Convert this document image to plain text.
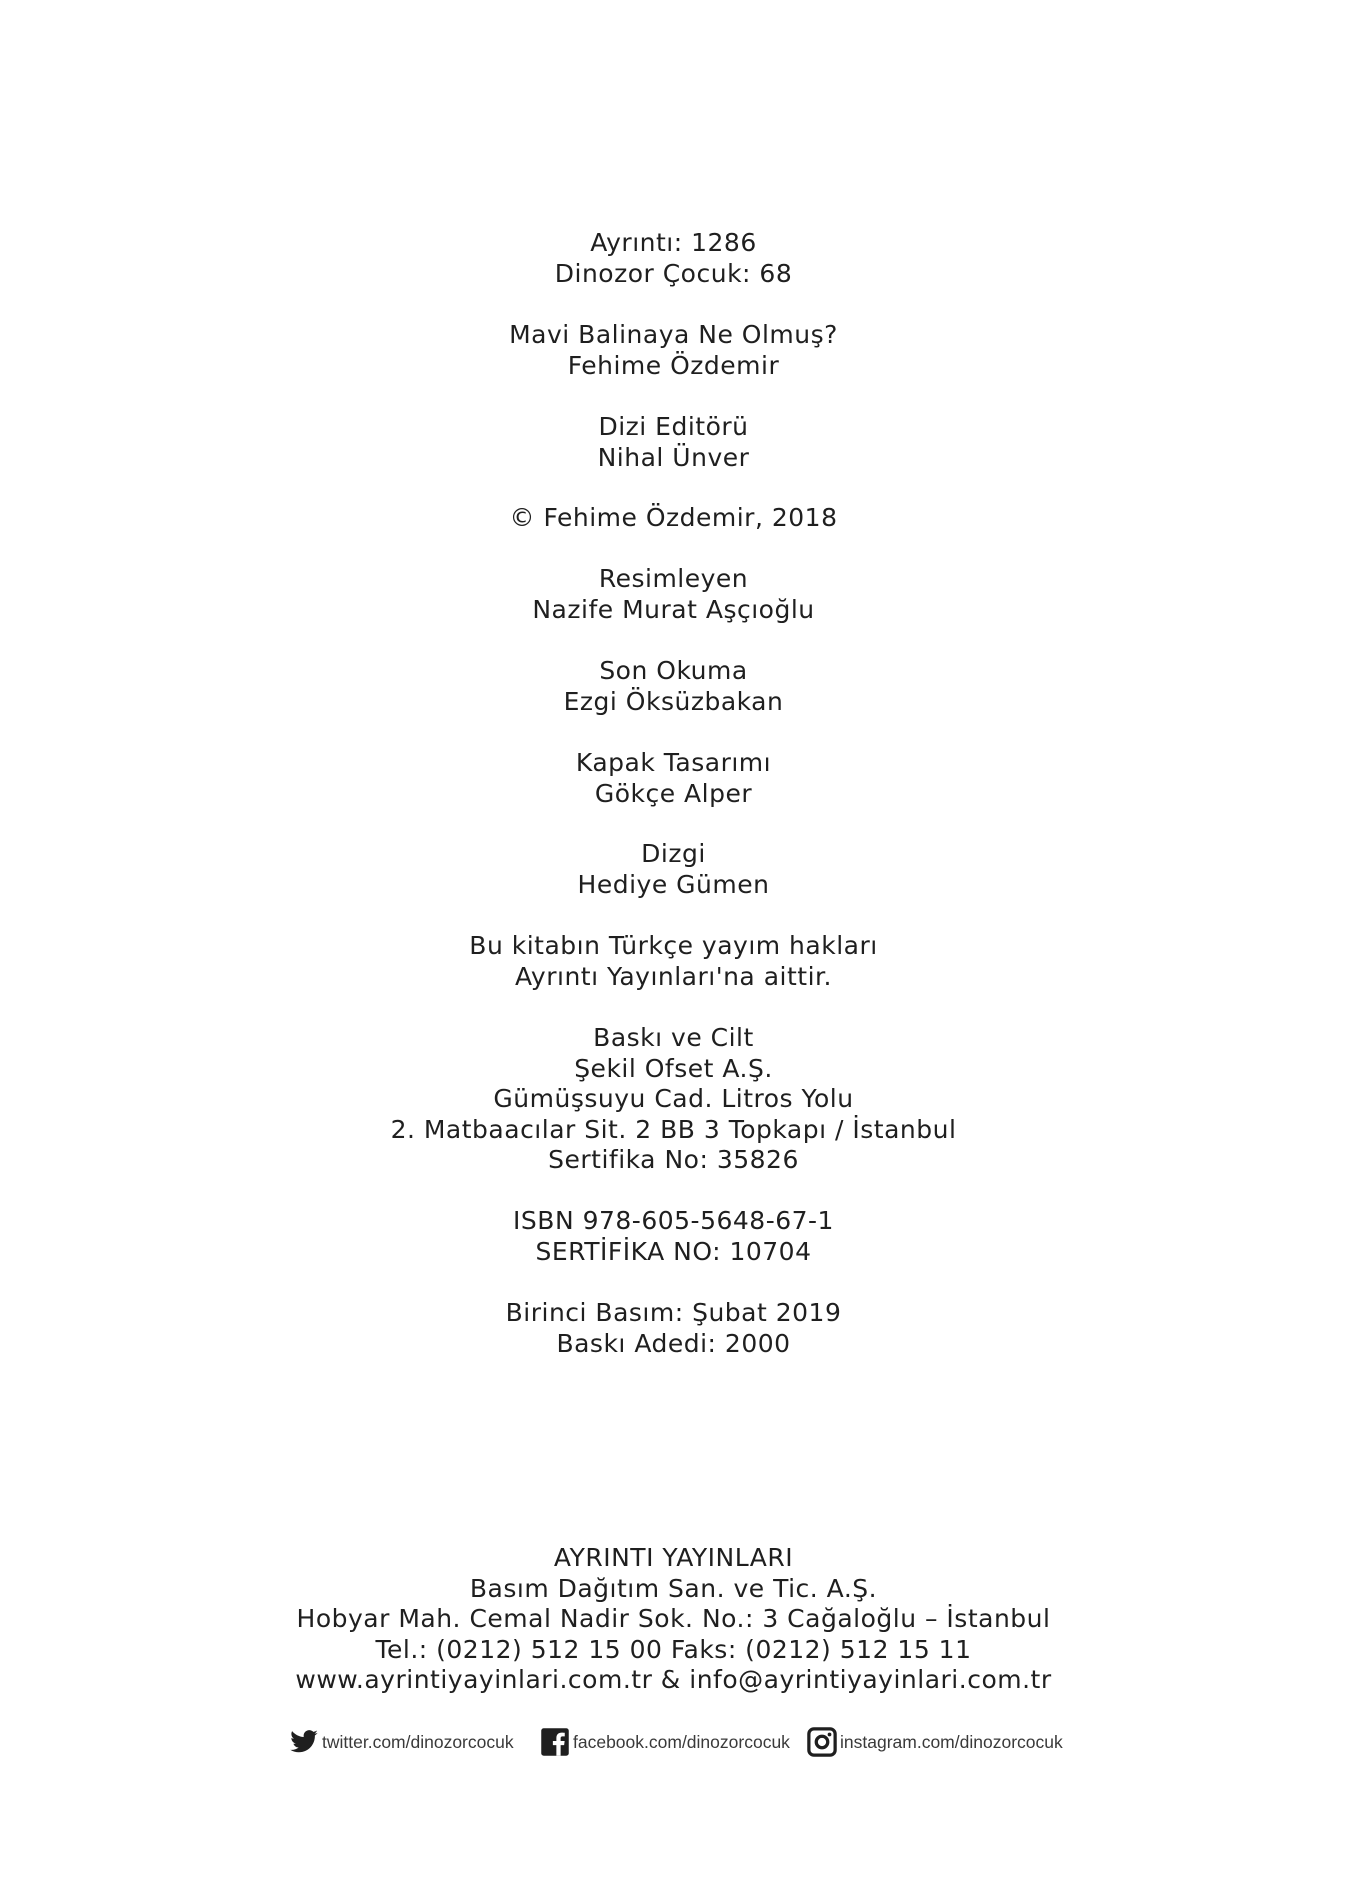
Ayrıntı: 1286
Dinozor Çocuk: 68
Mavi Balinaya Ne Olmuş?
Fehime Özdemir
Dizi Editörü
Nihal Ünver
© Fehime Özdemir, 2018
Resimleyen
Nazife Murat Aşçıoğlu
Son Okuma
Ezgi Öksüzbakan
Kapak Tasarımı
Gökçe Alper
Dizgi
Hediye Gümen
Bu kitabın Türkçe yayım hakları
Ayrıntı Yayınları'na aittir.
Baskı ve Cilt
Şekil Ofset A.Ş.
Gümüşsuyu Cad. Litros Yolu
2. Matbaacılar Sit. 2 BB 3 Topkapı / İstanbul
Sertifika No: 35826
ISBN 978-605-5648-67-1
SERTİFİKA NO: 10704
Birinci Basım: Şubat 2019
Baskı Adedi: 2000
AYRINTI YAYINLARI
Basım Dağıtım San. ve Tic. A.Ş.
Hobyar Mah. Cemal Nadir Sok. No.: 3 Cağaloğlu – İstanbul
Tel.: (0212) 512 15 00 Faks: (0212) 512 15 11
www.ayrintiyayinlari.com.tr & info@ayrintiyayinlari.com.tr
twitter.com/dinozorcocuk	facebook.com/dinozorcocuk	instagram.com/dinozorcocuk
